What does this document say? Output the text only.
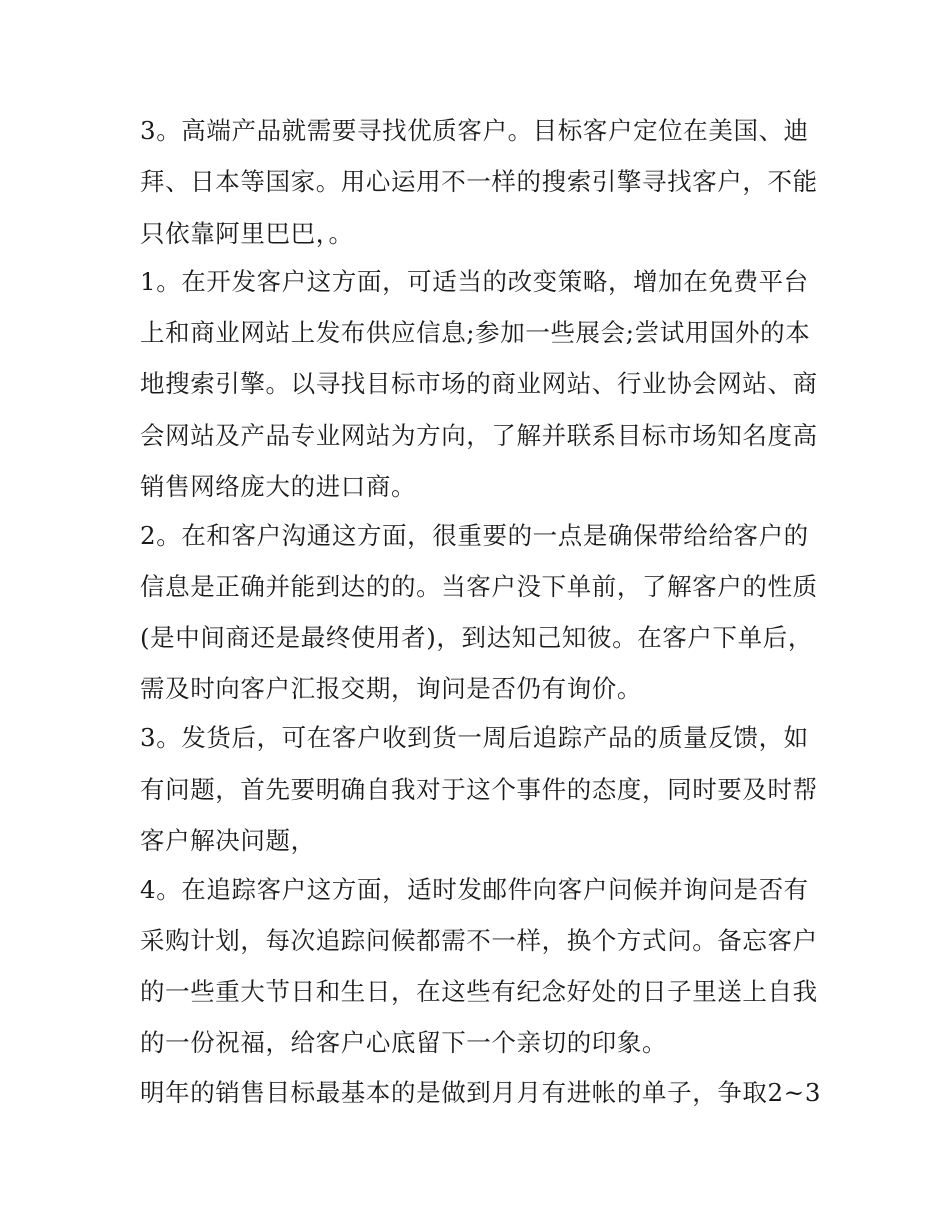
3。高端产品就需要寻找优质客户。目标客户定位在美国、迪
拜、日本等国家。用心运用不一样的搜索引擎寻找客户，不能
只依靠阿里巴巴，。
1。在开发客户这方面，可适当的改变策略，增加在免费平台
上和商业网站上发布供应信息;参加一些展会;尝试用国外的本
地搜索引擎。以寻找目标市场的商业网站、行业协会网站、商
会网站及产品专业网站为方向，了解并联系目标市场知名度高
销售网络庞大的进口商。
2。在和客户沟通这方面，很重要的一点是确保带给给客户的
信息是正确并能到达的的。当客户没下单前，了解客户的性质
(是中间商还是最终使用者)，到达知己知彼。在客户下单后，
需及时向客户汇报交期，询问是否仍有询价。
3。发货后，可在客户收到货一周后追踪产品的质量反馈，如
有问题，首先要明确自我对于这个事件的态度，同时要及时帮
客户解决问题，
4。在追踪客户这方面，适时发邮件向客户问候并询问是否有
采购计划，每次追踪问候都需不一样，换个方式问。备忘客户
的一些重大节日和生日，在这些有纪念好处的日子里送上自我
的一份祝福，给客户心底留下一个亲切的印象。
明年的销售目标最基本的是做到月月有进帐的单子，争取2~3
